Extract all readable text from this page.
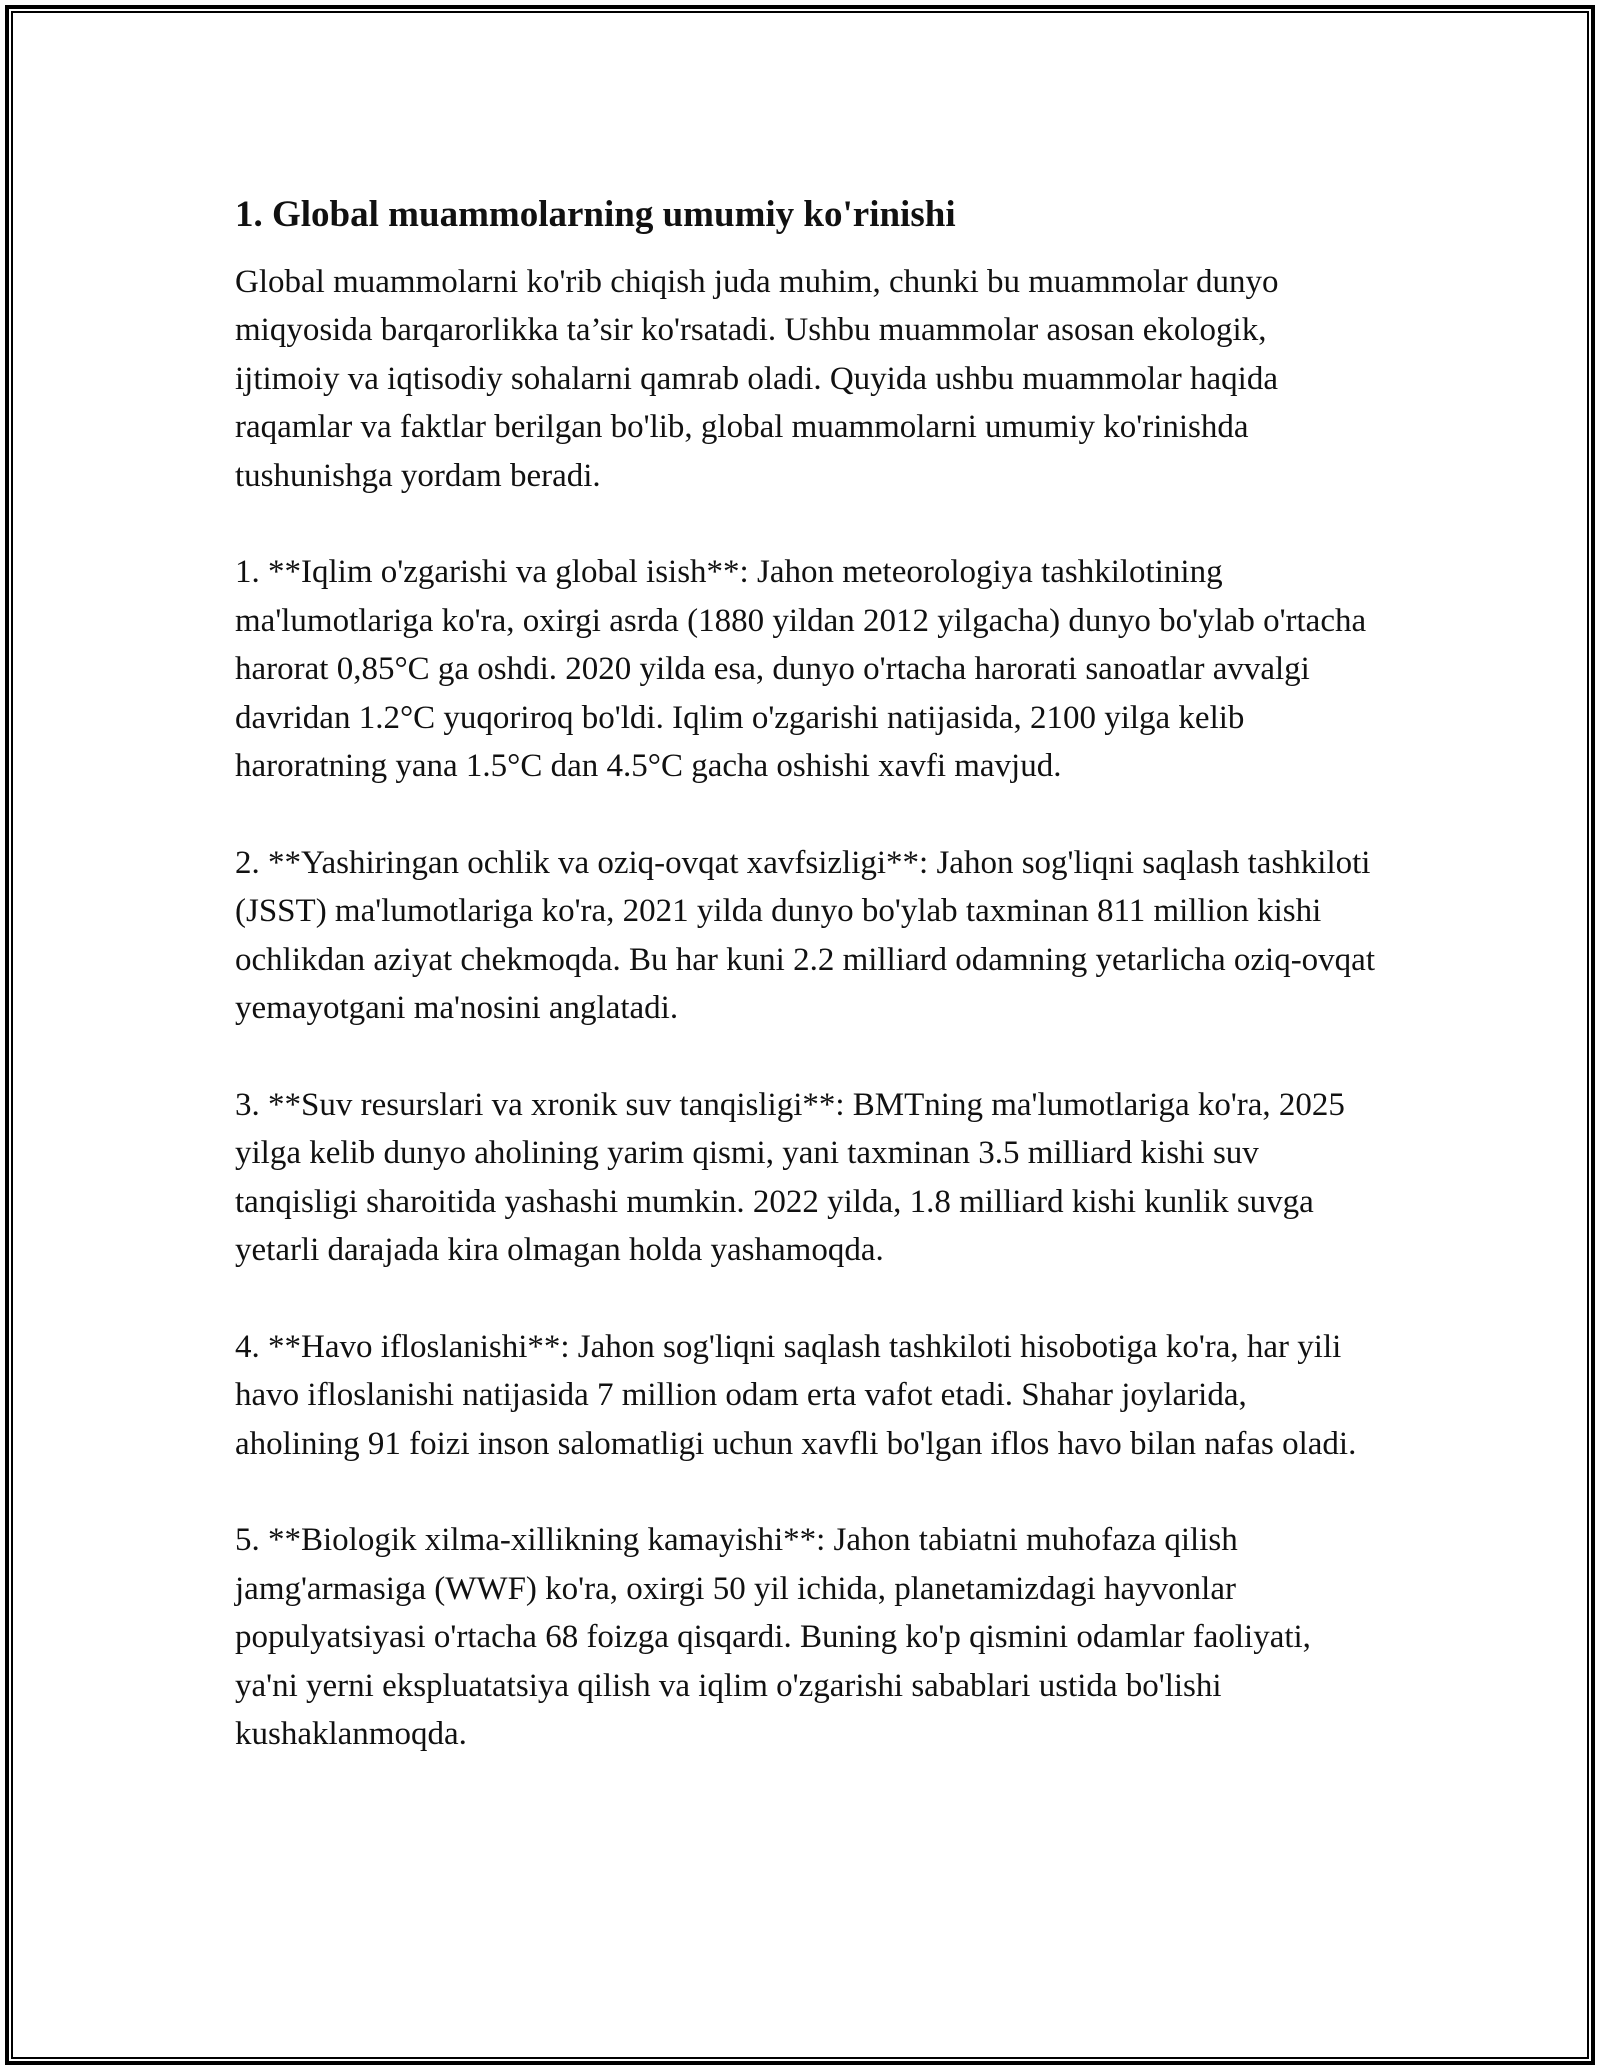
1. Global muammolarning umumiy ko'rinishi

Global muammolarni ko'rib chiqish juda muhim, chunki bu muammolar dunyo miqyosida barqarorlikka ta’sir ko'rsatadi. Ushbu muammolar asosan ekologik, ijtimoiy va iqtisodiy sohalarni qamrab oladi. Quyida ushbu muammolar haqida raqamlar va faktlar berilgan bo'lib, global muammolarni umumiy ko'rinishda tushunishga yordam beradi.

1. **Iqlim o'zgarishi va global isish**: Jahon meteorologiya tashkilotining ma'lumotlariga ko'ra, oxirgi asrda (1880 yildan 2012 yilgacha) dunyo bo'ylab o'rtacha harorat 0,85°C ga oshdi. 2020 yilda esa, dunyo o'rtacha harorati sanoatlar avvalgi davridan 1.2°C yuqoriroq bo'ldi. Iqlim o'zgarishi natijasida, 2100 yilga kelib haroratning yana 1.5°C dan 4.5°C gacha oshishi xavfi mavjud.

2. **Yashiringan ochlik va oziq-ovqat xavfsizligi**: Jahon sog'liqni saqlash tashkiloti (JSST) ma'lumotlariga ko'ra, 2021 yilda dunyo bo'ylab taxminan 811 million kishi ochlikdan aziyat chekmoqda. Bu har kuni 2.2 milliard odamning yetarlicha oziq-ovqat yemayotgani ma'nosini anglatadi.

3. **Suv resurslari va xronik suv tanqisligi**: BMTning ma'lumotlariga ko'ra, 2025 yilga kelib dunyo aholining yarim qismi, yani taxminan 3.5 milliard kishi suv tanqisligi sharoitida yashashi mumkin. 2022 yilda, 1.8 milliard kishi kunlik suvga yetarli darajada kira olmagan holda yashamoqda.

4. **Havo ifloslanishi**: Jahon sog'liqni saqlash tashkiloti hisobotiga ko'ra, har yili havo ifloslanishi natijasida 7 million odam erta vafot etadi. Shahar joylarida, aholining 91 foizi inson salomatligi uchun xavfli bo'lgan iflos havo bilan nafas oladi.

5. **Biologik xilma-xillikning kamayishi**: Jahon tabiatni muhofaza qilish jamg'armasiga (WWF) ko'ra, oxirgi 50 yil ichida, planetamizdagi hayvonlar populyatsiyasi o'rtacha 68 foizga qisqardi. Buning ko'p qismini odamlar faoliyati, ya'ni yerni ekspluatatsiya qilish va iqlim o'zgarishi sabablari ustida bo'lishi kushaklanmoqda.
